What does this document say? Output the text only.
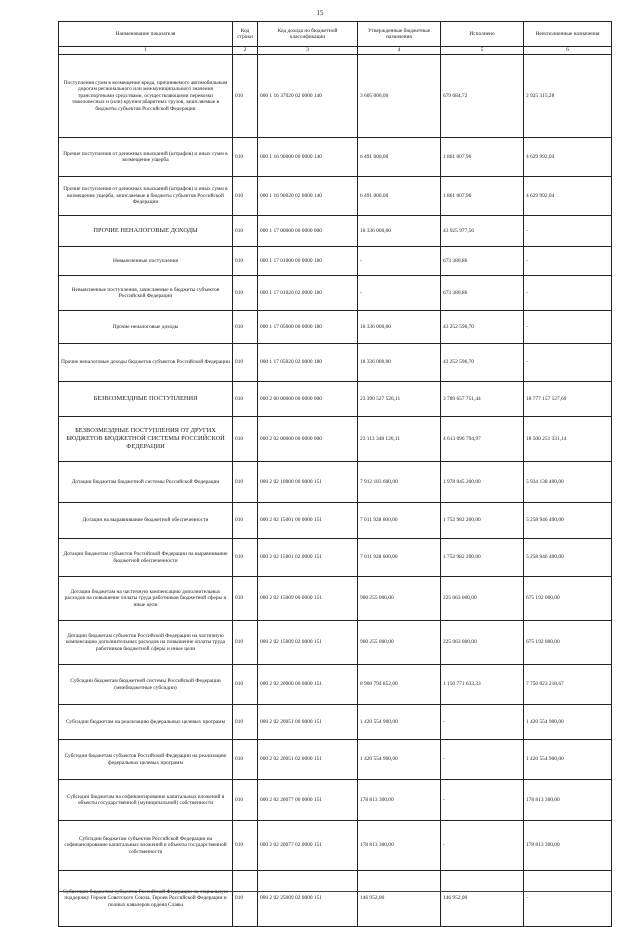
15
Наименование показателя	Код строки	Код дохода по бюджетной классификации	Утвержденные бюджетные назначения	Исполнено	Неисполненные назначения
1	2	3	4	5	6
Поступления сумм в возмещение вреда, причиняемого автомобильным дорогам регионального или межмуниципального значения транспортными средствами, осуществляющими перевозки тяжеловесных и (или) крупногабаритных грузов, зачисляемые в бюджеты субъектов Российской Федерации	010	000 1 16 37020 02 0000 140	3 605 000,00	679 684,72	2 925 315,28
Прочие поступления от денежных взысканий (штрафов) и иных сумм в возмещение ущерба	010	000 1 16 90000 00 0000 140	6 491 000,00	1 861 007,96	4 629 992,04
Прочие поступления от денежных взысканий (штрафов) и иных сумм в возмещение ущерба, зачисляемые в бюджеты субъектов Российской Федерации	010	000 1 16 90020 02 0000 140	6 491 000,00	1 861 007,96	4 629 992,04
ПРОЧИЕ НЕНАЛОГОВЫЕ ДОХОДЫ	010	000 1 17 00000 00 0000 000	18 336 000,00	43 925 977,56	-
Невыясненные поступления	010	000 1 17 01000 00 0000 180	-	673 380,86	-
Невыясненные поступления, зачисляемые в бюджеты субъектов Российской Федерации	010	000 1 17 01020 02 0000 180	-	673 380,86	-
Прочие неналоговые доходы	010	000 1 17 05000 00 0000 180	18 336 000,00	43 252 596,70	-
Прочие неналоговые доходы бюджетов субъектов Российской Федерации	010	000 1 17 05020 02 0000 180	18 336 000,00	43 252 596,70	-
БЕЗВОЗМЕЗДНЫЕ ПОСТУПЛЕНИЯ	010	000 2 00 00000 00 0000 000	23 390 527 526,11	3 789 657 751,44	18 777 157 127,69
БЕЗВОЗМЕЗДНЫЕ ПОСТУПЛЕНИЯ ОТ ДРУГИХ БЮДЖЕТОВ БЮДЖЕТНОЙ СИСТЕМЫ РОССИЙСКОЙ ФЕДЕРАЦИИ	010	000 2 02 00000 00 0000 000	23 113 348 126,11	4 613 096 794,97	18 500 251 331,14
Дотации бюджетам бюджетной системы Российской Федерации	010	000 2 02 10000 00 0000 151	7 912 183 600,00	1 978 045 200,00	5 934 138 400,00
Дотации на выравнивание бюджетной обеспеченности	010	000 2 02 15001 00 0000 151	7 011 928 600,00	1 752 982 200,00	5 258 946 400,00
Дотации бюджетам субъектов Российской Федерации на выравнивание бюджетной обеспеченности	010	000 2 02 15001 02 0000 151	7 011 928 600,00	1 752 982 200,00	5 258 946 400,00
Дотации бюджетам на частичную компенсацию дополнительных расходов на повышение оплаты труда работников бюджетной сферы и иные цели	010	000 2 02 15009 00 0000 151	900 255 000,00	225 063 000,00	675 192 000,00
Дотации бюджетам субъектов Российской Федерации на частичную компенсацию дополнительных расходов на повышение оплаты труда работников бюджетной сферы и иные цели	010	000 2 02 15009 02 0000 151	900 255 000,00	225 063 000,00	675 192 000,00
Субсидии бюджетам бюджетной системы Российской Федерации (межбюджетные субсидии)	010	000 2 02 20000 00 0000 151	8 900 794 852,00	1 150 771 633,33	7 750 023 218,67
Субсидии бюджетам на реализацию федеральных целевых программ	010	000 2 02 20051 00 0000 151	1 420 554 900,00	-	1 420 554 900,00
Субсидии бюджетам субъектов Российской Федерации на реализацию федеральных целевых программ	010	000 2 02 20051 02 0000 151	1 420 554 900,00	-	1 420 554 900,00
Субсидии бюджетам на софинансирование капитальных вложений в объекты государственной (муниципальной) собственности	010	000 2 02 20077 00 0000 151	178 813 300,00	-	178 813 300,00
Субсидии бюджетам субъектов Российской Федерации на софинансирование капитальных вложений в объекты государственной собственности	010	000 2 02 20077 02 0000 151	178 813 300,00	-	178 813 300,00
Субвенции бюджетам субъектов Российской Федерации на социальную поддержку Героев Советского Союза, Героев Российской Федерации и полных кавалеров ордена Славы	010	000 2 02 25009 02 0000 151	146 952,00	146 952,00	-
